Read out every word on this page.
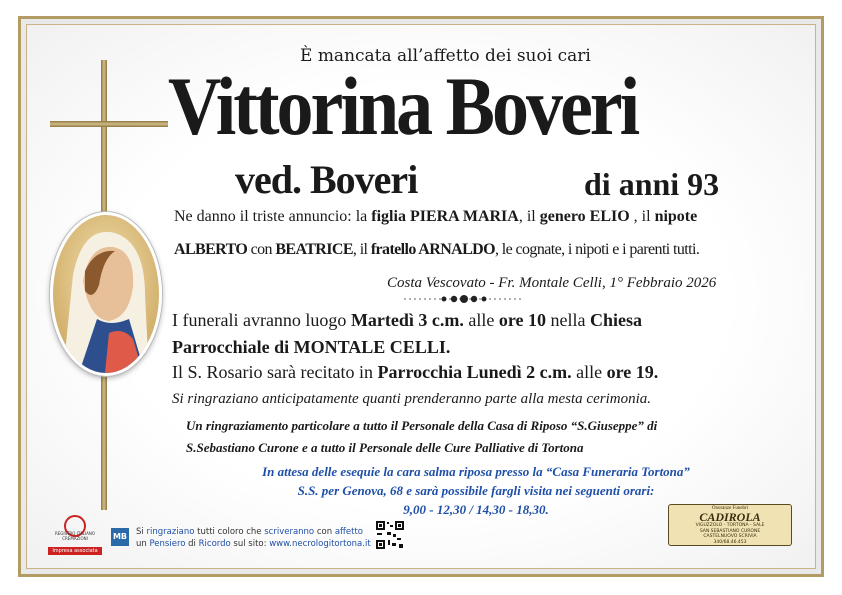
È mancata all’affetto dei suoi cari

Vittorina Boveri

ved. Boveri	di anni 93

Ne danno il triste annuncio: la figlia PIERA MARIA, il genero ELIO , il nipote

ALBERTO con BEATRICE, il fratello ARNALDO, le cognate, i nipoti e i parenti tutti.

Costa Vescovato - Fr. Montale Celli, 1° Febbraio 2026

I funerali avranno luogo Martedì 3 c.m. alle ore 10 nella Chiesa

Parrocchiale di MONTALE CELLI.

Il S. Rosario sarà recitato in Parrocchia Lunedì 2 c.m. alle ore 19.

Si ringraziano anticipatamente quanti prenderanno parte alla mesta cerimonia.

Un ringraziamento particolare a tutto il Personale della Casa di Riposo “S.Giuseppe” di

S.Sebastiano Curone e a tutto il Personale delle Cure Palliative di Tortona

In attesa delle esequie la cara salma riposa presso la “Casa Funeraria Tortona”

S.S. per Genova, 68 e sarà possibile fargli visita nei seguenti orari:

9,00 - 12,30 / 14,30 - 18,30.

REGISTRO ITALIANO CREMAZIONI
Impresa associata
MB Si ringraziano tutti coloro che scriveranno con affetto
un Pensiero di Ricordo sul sito: www.necrologitortona.it
Onoranze Funebri
CADIROLA
VIGUZZOLO - TORTONA - SALE
SAN SEBASTIANO CURONE
CASTELNUOVO SCRIVIA
340/68.46.453
